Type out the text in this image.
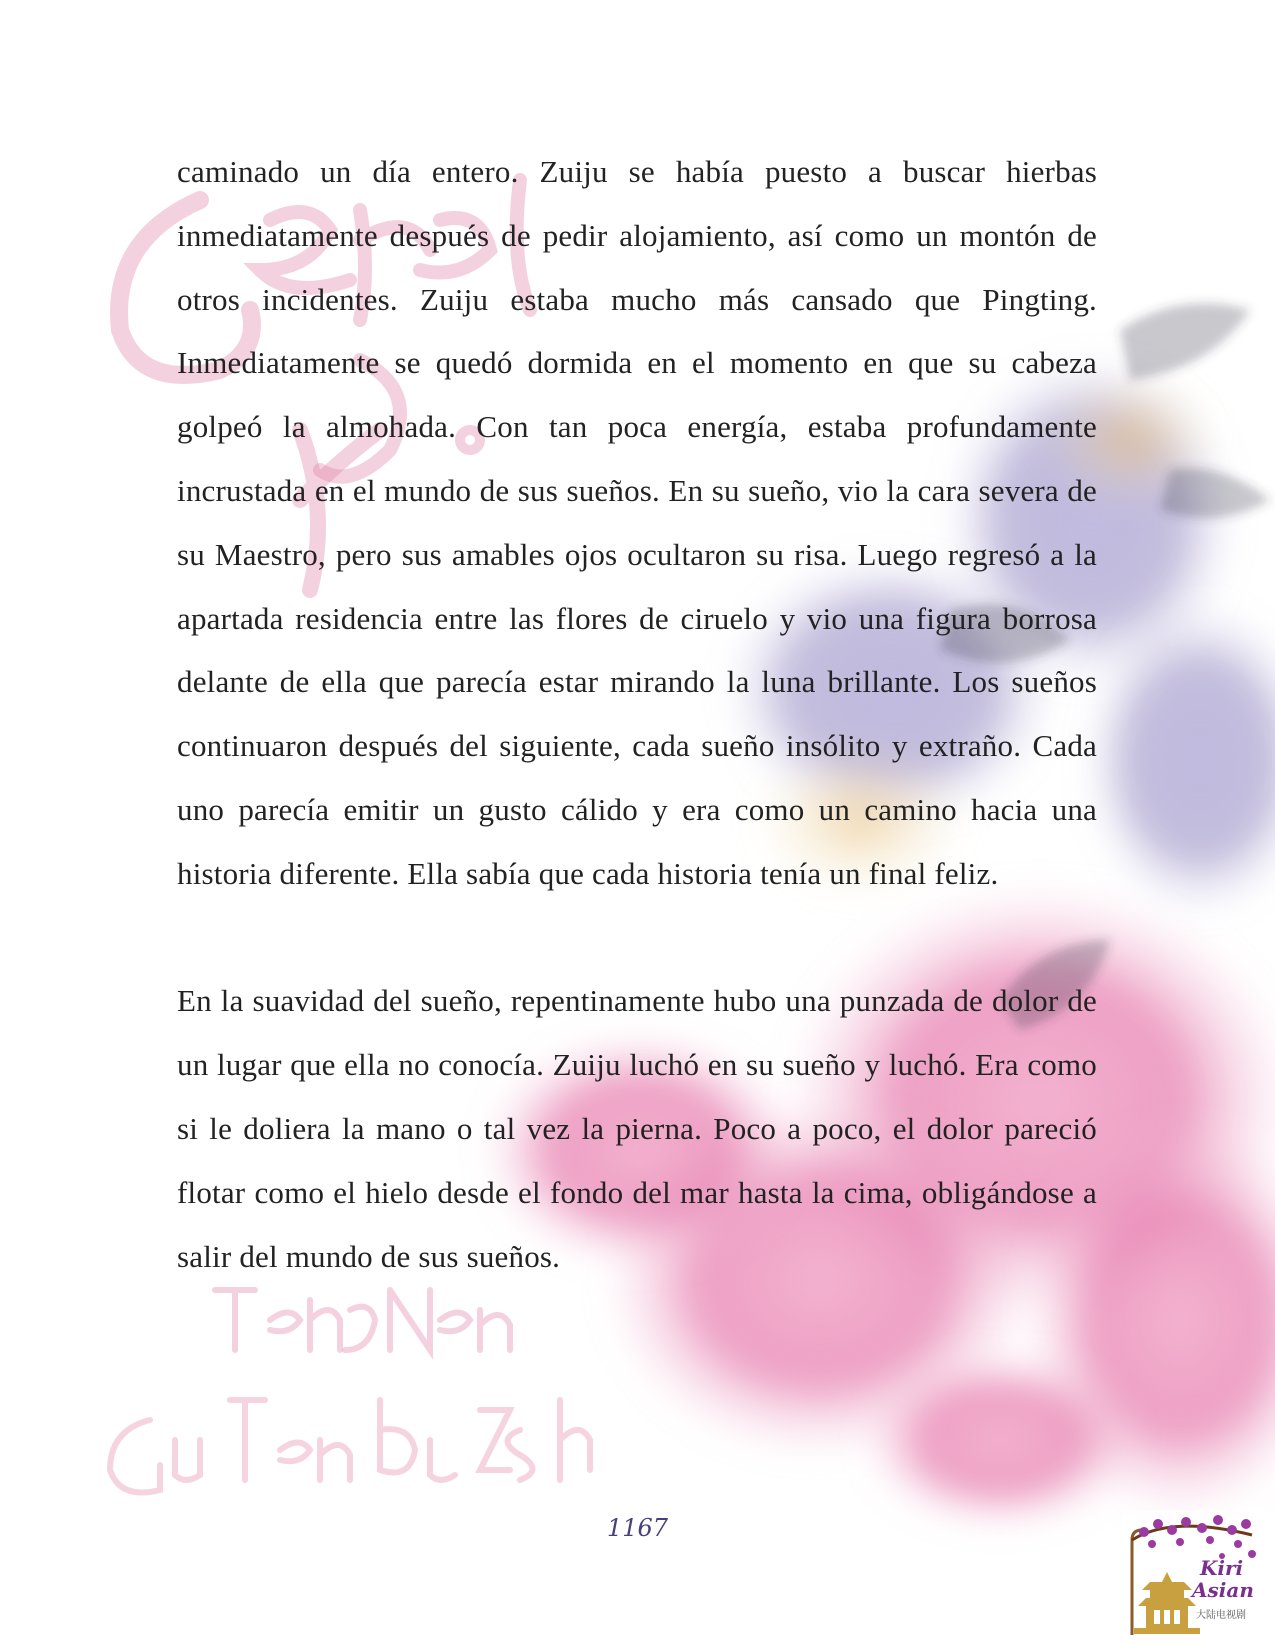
caminado un día entero. Zuiju se había puesto a buscar hierbas inmediatamente después de pedir alojamiento, así como un montón de otros incidentes. Zuiju estaba mucho más cansado que Pingting. Inmediatamente se quedó dormida en el momento en que su cabeza golpeó la almohada. Con tan poca energía, estaba profundamente incrustada en el mundo de sus sueños. En su sueño, vio la cara severa de su Maestro, pero sus amables ojos ocultaron su risa. Luego regresó a la apartada residencia entre las flores de ciruelo y vio una figura borrosa delante de ella que parecía estar mirando la luna brillante. Los sueños continuaron después del siguiente, cada sueño insólito y extraño. Cada uno parecía emitir un gusto cálido y era como un camino hacia una historia diferente. Ella sabía que cada historia tenía un final feliz.

En la suavidad del sueño, repentinamente hubo una punzada de dolor de un lugar que ella no conocía. Zuiju luchó en su sueño y luchó. Era como si le doliera la mano o tal vez la pierna. Poco a poco, el dolor pareció flotar como el hielo desde el fondo del mar hasta la cima, obligándose a salir del mundo de sus sueños.

1167
Kiri
Asian
大陆电视剧
